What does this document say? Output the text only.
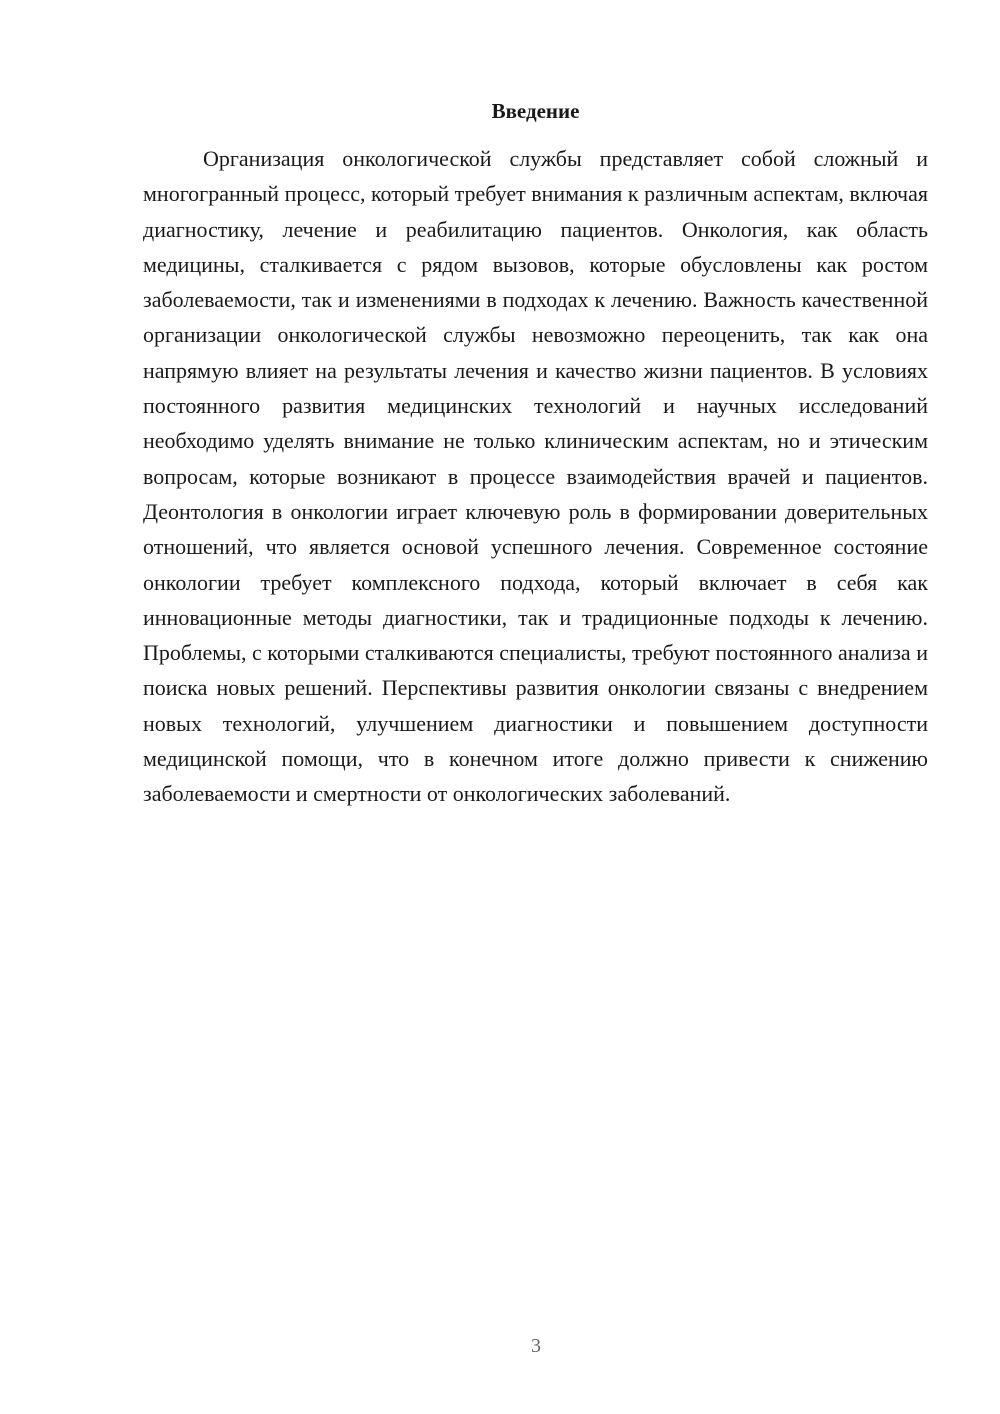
Введение

Организация онкологической службы представляет собой сложный и многогранный процесс, который требует внимания к различным аспектам, включая диагностику, лечение и реабилитацию пациентов. Онкология, как область медицины, сталкивается с рядом вызовов, которые обусловлены как ростом заболеваемости, так и изменениями в подходах к лечению. Важность качественной организации онкологической службы невозможно переоценить, так как она напрямую влияет на результаты лечения и качество жизни пациентов. В условиях постоянного развития медицинских технологий и научных исследований необходимо уделять внимание не только клиническим аспектам, но и этическим вопросам, которые возникают в процессе взаимодействия врачей и пациентов. Деонтология в онкологии играет ключевую роль в формировании доверительных отношений, что является основой успешного лечения. Современное состояние онкологии требует комплексного подхода, который включает в себя как инновационные методы диагностики, так и традиционные подходы к лечению. Проблемы, с которыми сталкиваются специалисты, требуют постоянного анализа и поиска новых решений. Перспективы развития онкологии связаны с внедрением новых технологий, улучшением диагностики и повышением доступности медицинской помощи, что в конечном итоге должно привести к снижению заболеваемости и смертности от онкологических заболеваний.

3
